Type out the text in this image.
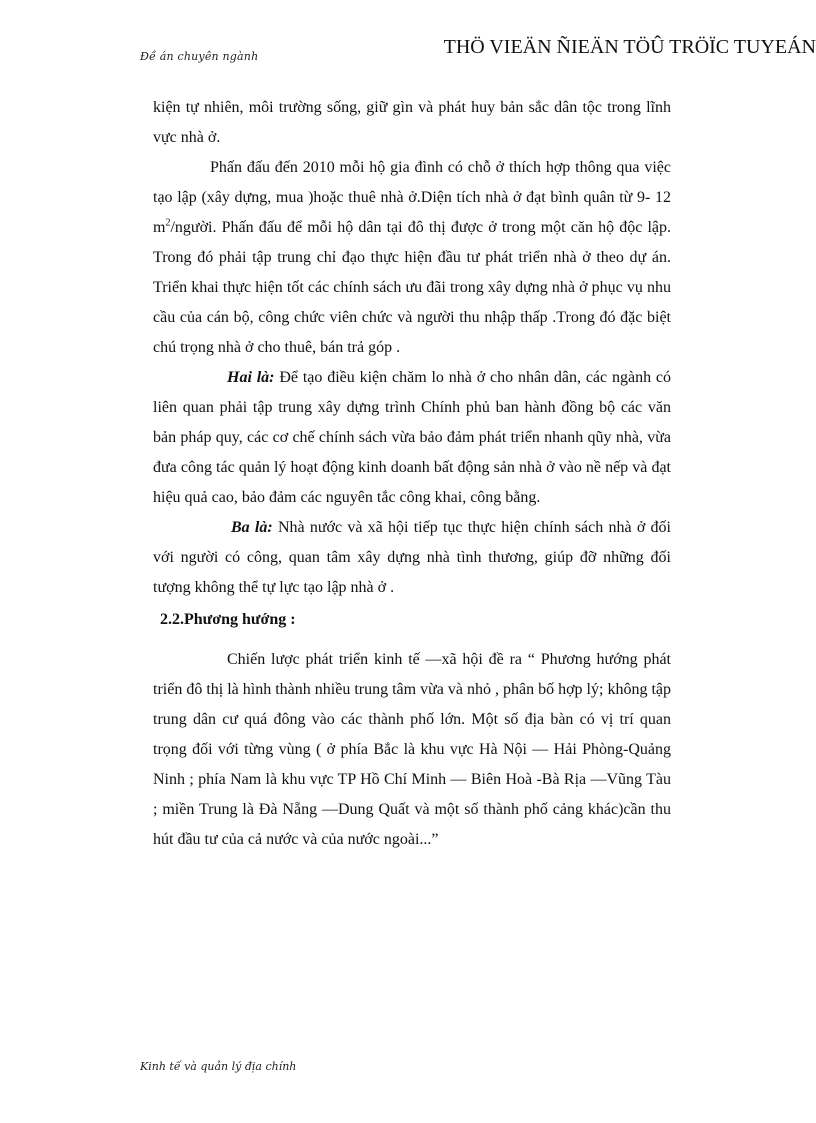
Đề án chuyên ngành	THÖ VIEÄN ÑIEÄN TÖÛ TRÖÏC TUYEÁN

kiện tự nhiên, môi trường sống, giữ gìn và phát huy bản sắc dân tộc trong lĩnh vực nhà ở.

Phấn đấu đến 2010 mỗi hộ gia đình có chỗ ở thích hợp thông qua việc tạo lập (xây dựng, mua )hoặc thuê nhà ở.Diện tích nhà ở đạt bình quân từ 9- 12 $m^2$/người. Phấn đấu để mỗi hộ dân tại đô thị được ở trong một căn hộ độc lập. Trong đó phải tập trung chỉ đạo thực hiện đầu tư phát triển nhà ở theo dự án. Triển khai thực hiện tốt các chính sách ưu đãi trong xây dựng nhà ở phục vụ nhu cầu của cán bộ, công chức viên chức và người thu nhập thấp .Trong đó đặc biệt chú trọng nhà ở cho thuê, bán trả góp .

Hai là: Để tạo điều kiện chăm lo nhà ở cho nhân dân, các ngành có liên quan phải tập trung xây dựng trình Chính phủ ban hành đồng bộ các văn bản pháp quy, các cơ chế chính sách vừa bảo đảm phát triển nhanh qũy nhà, vừa đưa công tác quản lý hoạt động kinh doanh bất động sản nhà ở vào nề nếp và đạt hiệu quả cao, bảo đảm các nguyên tắc công khai, công bằng.

Ba là: Nhà nước và xã hội tiếp tục thực hiện chính sách nhà ở đối với người có công, quan tâm xây dựng nhà tình thương, giúp đỡ những đối tượng không thể tự lực tạo lập nhà ở .

2.2.Phương hướng :

Chiến lược phát triển kinh tế —xã hội đề ra “ Phương hướng phát triển đô thị là hình thành nhiều trung tâm vừa và nhỏ , phân bố hợp lý; không tập trung dân cư quá đông vào các thành phố lớn. Một số địa bàn có vị trí quan trọng đối với từng vùng ( ở phía Bắc là khu vực Hà Nội — Hải Phòng-Quảng Ninh ; phía Nam là khu vực TP Hồ Chí Minh — Biên Hoà -Bà Rịa —Vũng Tàu ; miền Trung là Đà Nẵng —Dung Quất và một số thành phố cảng khác)cần thu hút đầu tư của cả nước và của nước ngoài...”

Kinh tế và quản lý địa chính
